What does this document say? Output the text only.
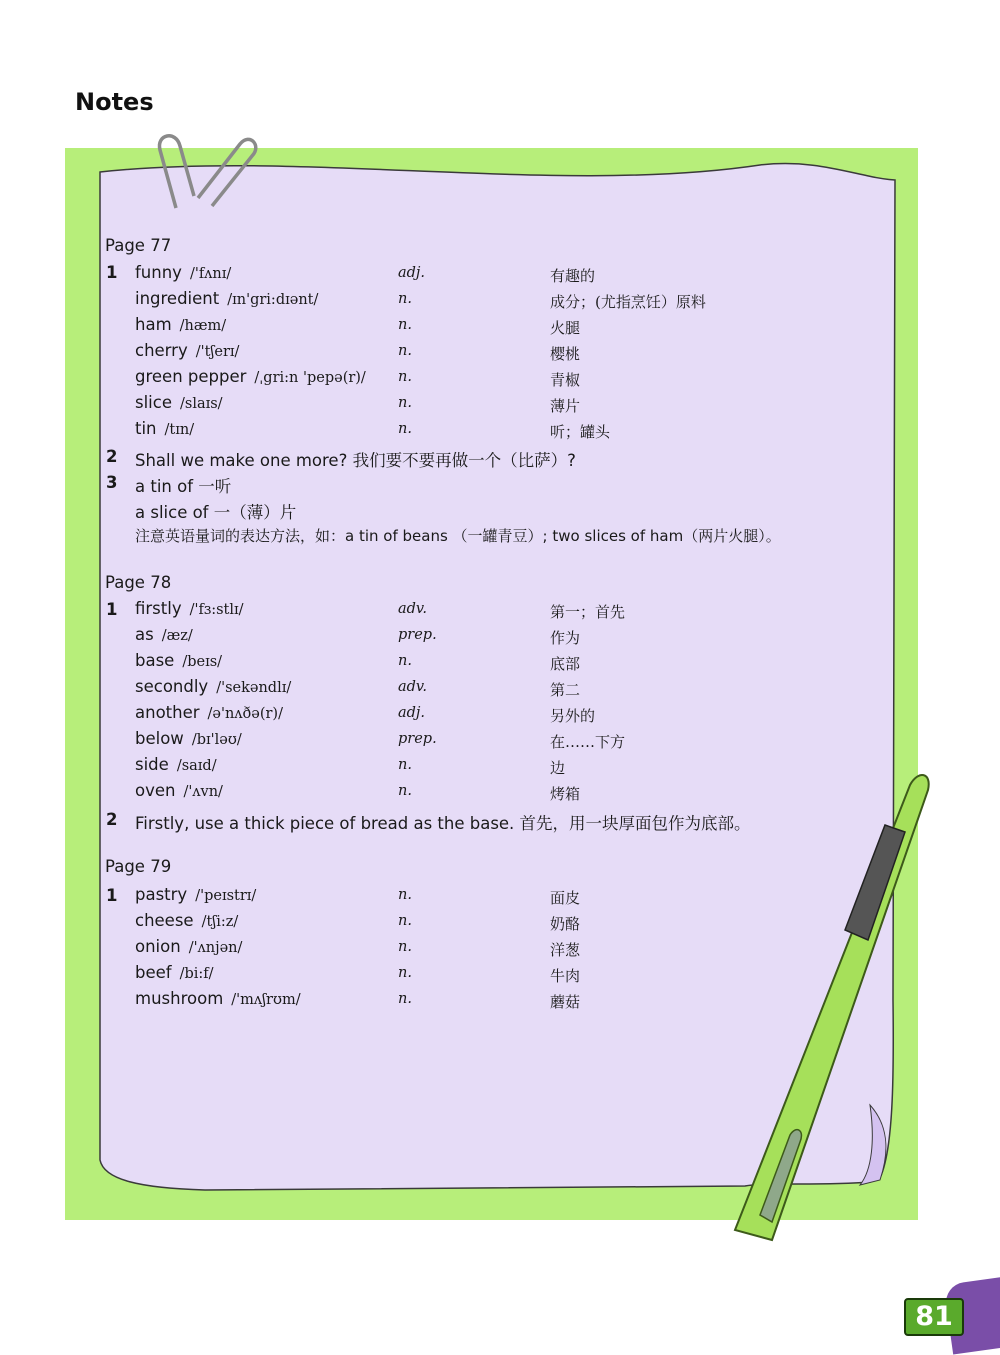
Notes
Page 77
1 funny /'fʌnɪ/	adj.	有趣的
ingredient /ɪn'gri:dɪənt/	n.	成分；(尤指烹饪）原料
ham /hæm/	n.	火腿
cherry /'tʃerɪ/	n.	樱桃
green pepper /ˌgri:n 'pepə(r)/ n.	青椒
slice /slaɪs/	n.	薄片
tin /tɪn/	n.	听；罐头
2 Shall we make one more? 我们要不要再做一个（比萨）?
3 a tin of 一听
a slice of 一（薄）片
注意英语量词的表达方法，如：a tin of beans （一罐青豆）; two slices of ham（两片火腿）。
Page 78
1 firstly /'fɜ:stlɪ/	adv.	第一；首先
as /æz/	prep.	作为
base /beɪs/	n.	底部
secondly /'sekəndlɪ/	adv.	第二
another /ə'nʌðə(r)/	adj.	另外的
below /bɪ'ləʊ/	prep.	在……下方
side /saɪd/	n.	边
oven /'ʌvn/	n.	烤箱
2 Firstly, use a thick piece of bread as the base. 首先，用一块厚面包作为底部。
Page 79
1 pastry /'peɪstrɪ/	n.	面皮
cheese /tʃi:z/	n.	奶酪
onion /'ʌnjən/	n.	洋葱
beef /bi:f/	n.	牛肉
mushroom /'mʌʃrʊm/	n.	蘑菇
81
